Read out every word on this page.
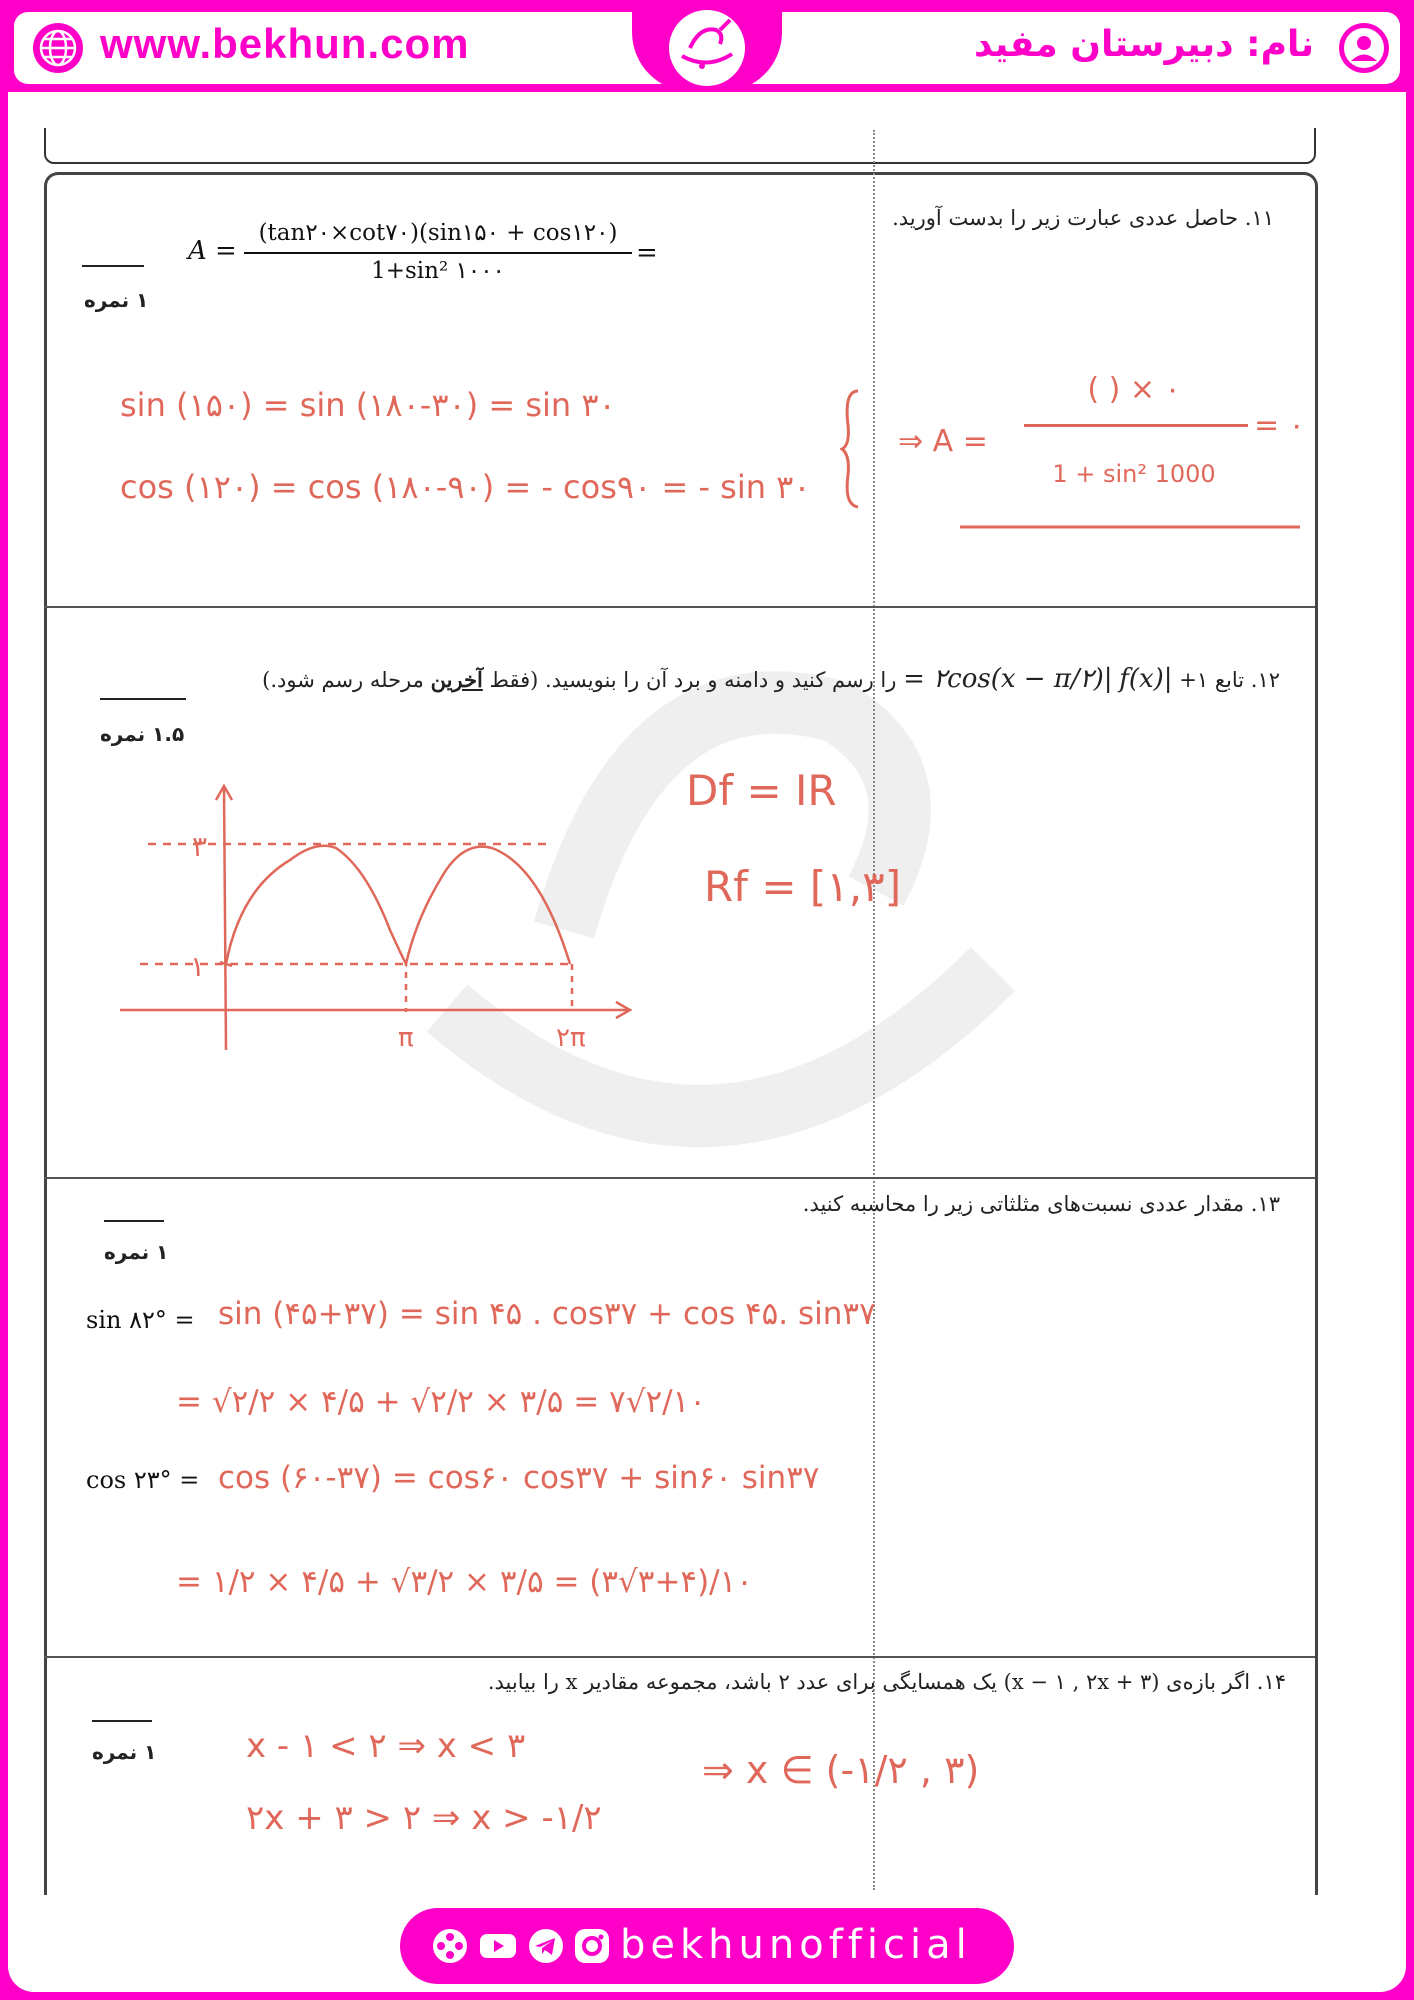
www.bekhun.com	نام: دبیرستان مفید
۱۱. حاصل عددی عبارت زیر را بدست آورید.
۱ نمره
A =
(tan۲۰×cot۷۰)(sin۱۵۰ + cos۱۲۰)
1+sin² ۱۰۰۰
=
sin (۱۵۰) = sin (۱۸۰-۳۰) = sin ۳۰
cos (۱۲۰) = cos (۱۸۰-۹۰) = - cos۹۰ = - sin ۳۰
⇒ A =
( ) × ۰
1 + sin² 1000
= ۰
۱۲. تابع ۱+ |۲cos(x − π/۲)| f(x) = را رسم کنید و دامنه و برد آن را بنویسید. (فقط آخرین مرحله رسم شود.)
۱.۵ نمره
۳
۱
π	۲π
Df = IR
Rf = [۱,۳]
۱۳. مقدار عددی نسبت‌های مثلثاتی زیر را محاسبه کنید.
۱ نمره
sin ۸۲° = sin (۴۵+۳۷) = sin ۴۵ . cos۳۷ + cos ۴۵. sin۳۷
= √۲/۲ × ۴/۵ + √۲/۲ × ۳/۵ = ۷√۲/۱۰
cos ۲۳° = cos (۶۰-۳۷) = cos۶۰ cos۳۷ + sin۶۰ sin۳۷
= ۱/۲ × ۴/۵ + √۳/۲ × ۳/۵ = (۳√۳+۴)/۱۰
۱۴. اگر بازه‌ی (x − ۱ , ۲x + ۳) یک همسایگی برای عدد ۲ باشد، مجموعه مقادیر x را بیابید.
۱ نمره	x - ۱ < ۲ ⇒ x < ۳
۲x + ۳ > ۲ ⇒ x > -۱/۲
⇒ x ∈ (-۱/۲ , ۳)
bekhunofficial
